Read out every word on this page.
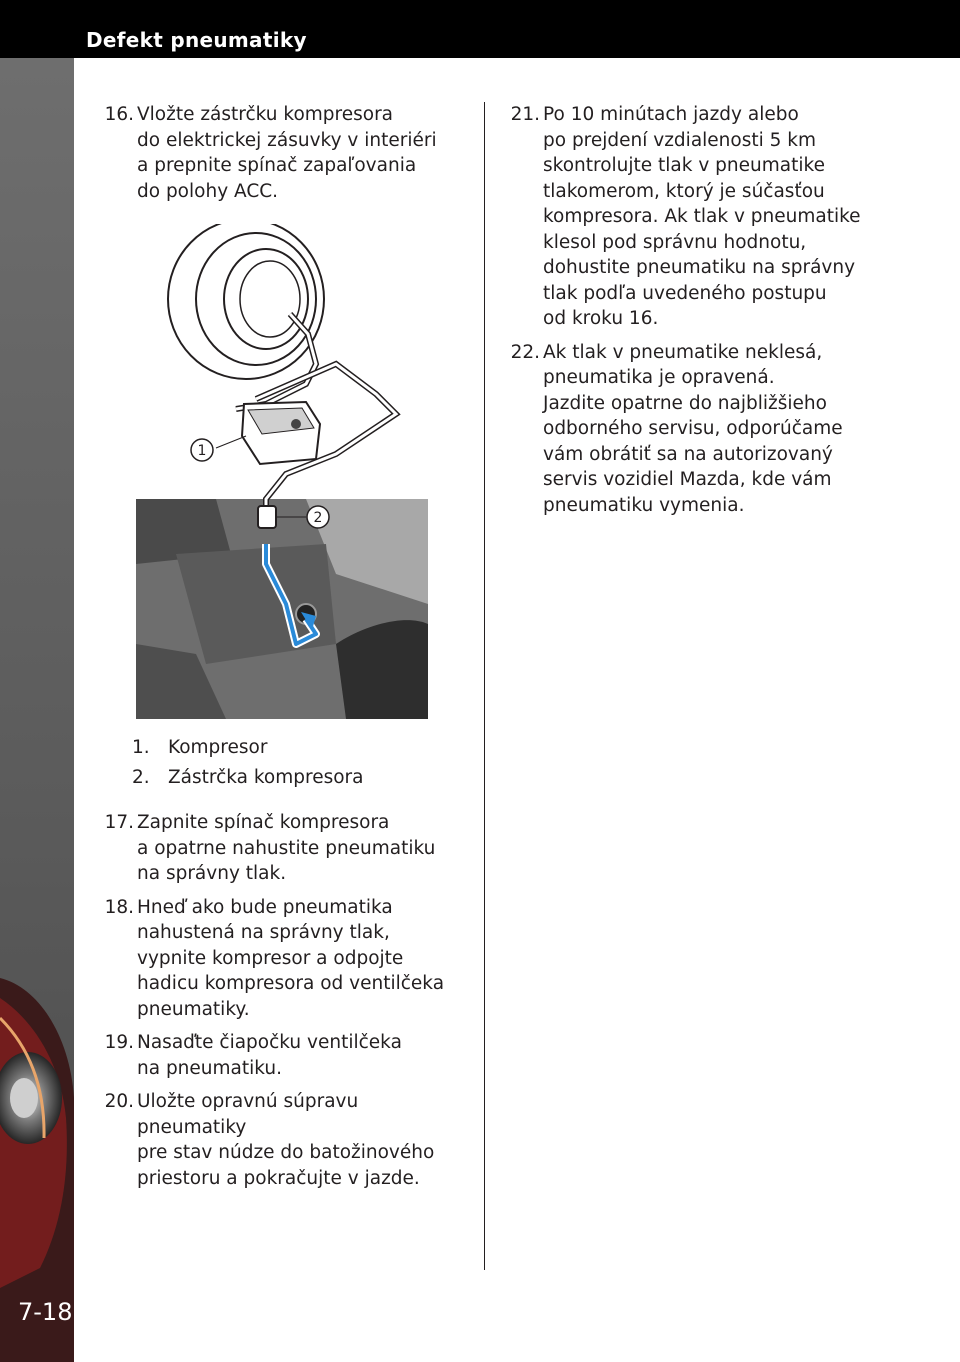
Defekt pneumatiky
7-18
16. Vložte zástrčku kompresora
do elektrickej zásuvky v interiéri
a prepnite spínač zapaľovania
do polohy ACC.
1
2
1. Kompresor
2. Zástrčka kompresora
17. Zapnite spínač kompresora
a opatrne nahustite pneumatiku
na správny tlak.
18. Hneď ako bude pneumatika
nahustená na správny tlak,
vypnite kompresor a odpojte
hadicu kompresora od ventilčeka
pneumatiky.
19. Nasaďte čiapočku ventilčeka
na pneumatiku.
20. Uložte opravnú súpravu pneumatiky
pre stav núdze do batožinového
priestoru a pokračujte v jazde.
21. Po 10 minútach jazdy alebo
po prejdení vzdialenosti 5 km
skontrolujte tlak v pneumatike
tlakomerom, ktorý je súčasťou
kompresora. Ak tlak v pneumatike
klesol pod správnu hodnotu,
dohustite pneumatiku na správny
tlak podľa uvedeného postupu
od kroku 16.
22. Ak tlak v pneumatike neklesá,
pneumatika je opravená.
Jazdite opatrne do najbližšieho
odborného servisu, odporúčame
vám obrátiť sa na autorizovaný
servis vozidiel Mazda, kde vám
pneumatiku vymenia.
